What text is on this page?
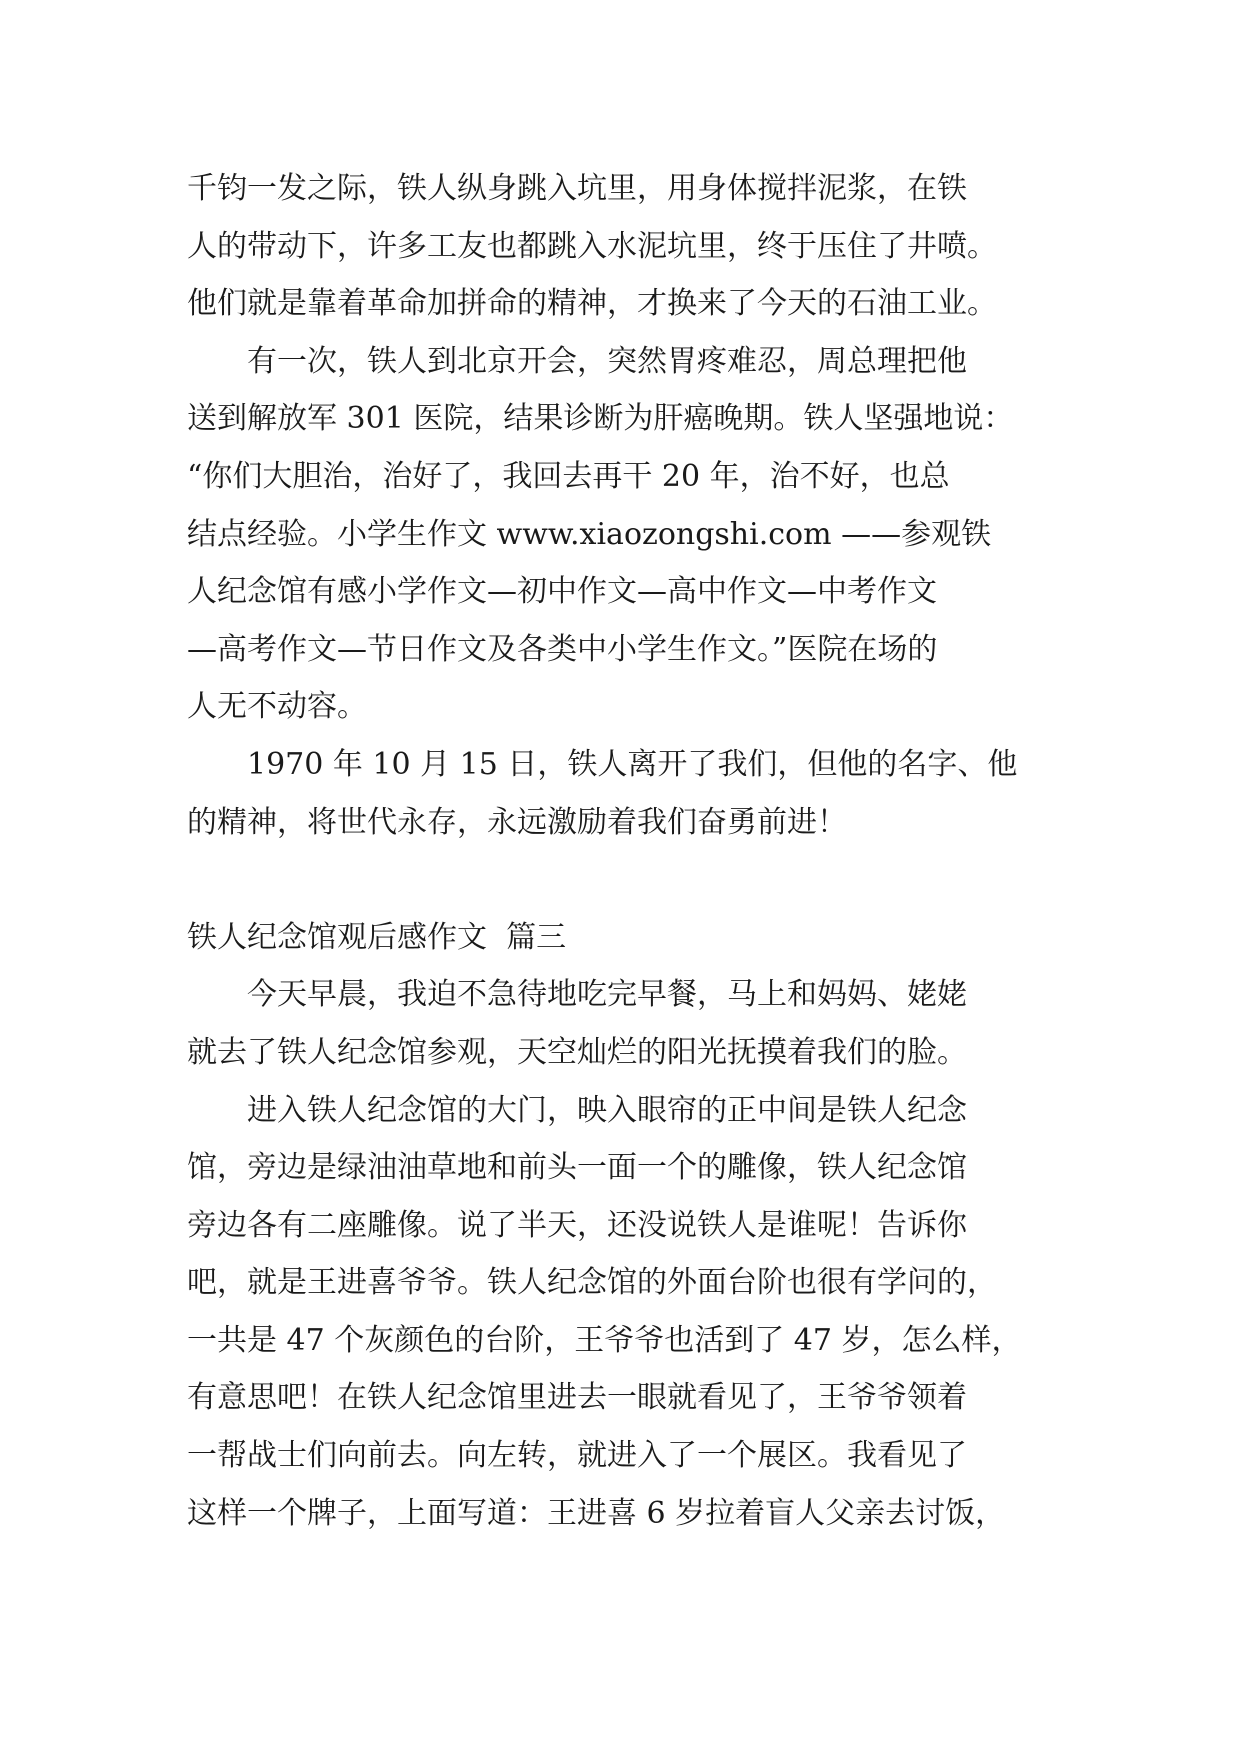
千钧一发之际，铁人纵身跳入坑里，用身体搅拌泥浆，在铁
人的带动下，许多工友也都跳入水泥坑里，终于压住了井喷。
他们就是靠着革命加拼命的精神，才换来了今天的石油工业。
　　有一次，铁人到北京开会，突然胃疼难忍，周总理把他
送到解放军 301 医院，结果诊断为肝癌晚期。铁人坚强地说：
“你们大胆治，治好了，我回去再干 20 年，治不好，也总
结点经验。小学生作文 www.xiaozongshi.com ——参观铁
人纪念馆有感小学作文—初中作文—高中作文—中考作文
—高考作文—节日作文及各类中小学生作文。”医院在场的
人无不动容。
　　1970 年 10 月 15 日，铁人离开了我们，但他的名字、他
的精神，将世代永存，永远激励着我们奋勇前进！
铁人纪念馆观后感作文  篇三
　　今天早晨，我迫不急待地吃完早餐，马上和妈妈、姥姥
就去了铁人纪念馆参观，天空灿烂的阳光抚摸着我们的脸。
　　进入铁人纪念馆的大门，映入眼帘的正中间是铁人纪念
馆，旁边是绿油油草地和前头一面一个的雕像，铁人纪念馆
旁边各有二座雕像。说了半天，还没说铁人是谁呢！告诉你
吧，就是王进喜爷爷。铁人纪念馆的外面台阶也很有学问的，
一共是 47 个灰颜色的台阶，王爷爷也活到了 47 岁，怎么样，
有意思吧！在铁人纪念馆里进去一眼就看见了，王爷爷领着
一帮战士们向前去。向左转，就进入了一个展区。我看见了
这样一个牌子，上面写道：王进喜 6 岁拉着盲人父亲去讨饭，
